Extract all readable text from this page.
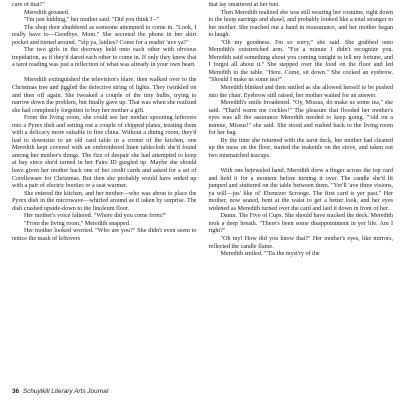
care of that?"

Meredith groaned.

"I'm just kidding," her mother said. "Did you think I –"

The shop door shuddered as someone attempted to come in. "Look, I really have to—Goodbye, Mom." She secreted the phone in her skirt pocket and turned around. "'elp ya, laidies? Come for a readin' 'ave ya?"

The two girls in the doorway held onto each other with obvious trepidation, as if they'd dared each other to come in. If only they knew that a tarot reading was just a reflection of what was already in your own heart.

Meredith extinguished the television's blare, then walked over to the Christmas tree and jiggled the defective string of lights. They twinkled on and then off again. She tweaked a couple of the tiny bulbs, trying to narrow down the problem, but finally gave up. That was when she realized she had completely forgotten to buy her mother a gift.

From the living room, she could see her mother spooning leftovers into a Pyrex dish and setting out a couple of chipped plates, treating them with a delicacy more suitable to fine china. Without a dining room, they'd had to downsize to an old card table in a corner of the kitchen, one Meredith kept covered with an embroidered linen tablecloth she'd found among her mother's things. The fizz of despair she had attempted to keep at bay since she'd turned in her Faire ID gurgled up. Maybe she should have given her mother back one of her credit cards and asked for a set of Corelleware for Christmas. But then she probably would have ended up with a pair of electric booties or a seat warmer.

She entered the kitchen, and her mother—who was about to place the Pyrex dish in the microwave—whirled around as if taken by surprise. The dish crashed upside-down to the linoleum floor.

Her mother's voice faltered. "Where did you come from?"

"From the living room," Meredith snapped.

Her mother looked worried. "Who are you?" She didn't even seem to notice the mash of leftovers

that lay smattered at her feet.

Then Meredith realized she was still wearing her costume, right down to the hoop earrings and shawl, and probably looked like a total stranger to her mother. She reached out a hand in reassurance, and her mother began to laugh.

"Oh my goodness. I'm so sorry," she said. She grabbed onto Meredith's outstretched arm. "For a minute I didn't recognize you. Meredith said something about you coming tonight to tell my fortune, and I forgot all about it." She stepped over the food on the floor and led Meredith to the table. "Here. Come, sit down." She cocked an eyebrow. "Should I make us some tea?"

Meredith blinked and then smiled as she allowed herself to be pushed into the chair. Eyebrow still raised, her mother waited for an answer.

Meredith's smile broadened. "Oy, Missus, do make us some tea," she said. "That'd warm me cockles!" The pleasure that flooded her mother's eyes was all the assurance Meredith needed to keep going. "'old on a minute, Missus!" she said. She stood and rushed back to the living room for her bag.

By the time she returned with the tarot deck, her mother had cleaned up the mess on the floor, started the teakettle on the stove, and taken out two mismatched teacups.

With one bejeweled hand, Meredith drew a finger across the top card and held it for a moment before turning it over. The candle she'd lit jumped and stuttered on the table between them. "Yer'll 'ave three visions, ya will—jus' like ol' Ebenezer Scrooge. The first card is yer past." Her mother, now seated, bent at the waist to get a better look, and her eyes widened as Meredith turned over the card and laid it down in front of her.

Damn. The Five of Cups. She should have stacked the deck. Meredith took a deep breath. "There's been some disappointment in yer life. Am I right?"

"Oh my! How did you know that?" Her mother's eyes, like mirrors, reflected the candle flame.

Meredith smiled. "'Tis the myst'ry of the

36 Schuylkill Literary Arts Journal
